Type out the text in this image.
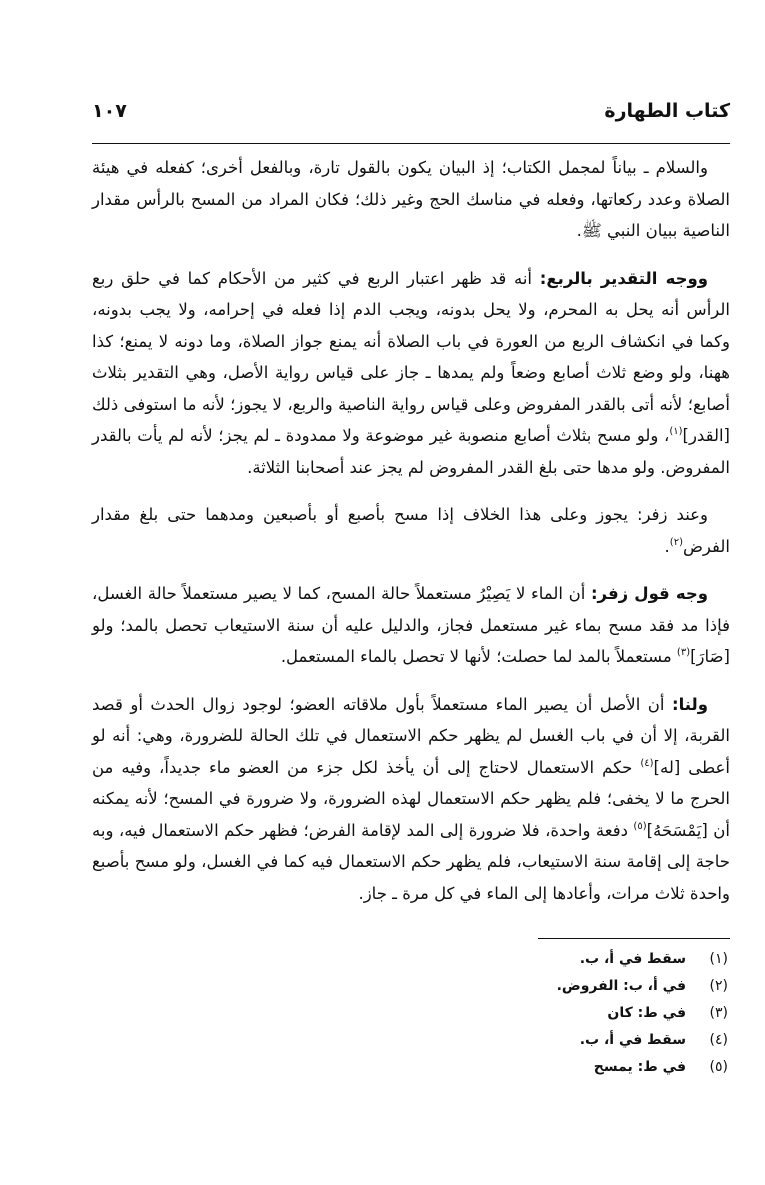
كتاب الطهارة
١٠٧

والسلام ـ بياناً لمجمل الكتاب؛ إذ البيان يكون بالقول تارة، وبالفعل أخرى؛ كفعله في هيئة الصلاة وعدد ركعاتها، وفعله في مناسك الحج وغير ذلك؛ فكان المراد من المسح بالرأس مقدار الناصية ببيان النبي ﷺ.

ووجه التقدير بالربع: أنه قد ظهر اعتبار الربع في كثير من الأحكام كما في حلق ربع الرأس أنه يحل به المحرم، ولا يحل بدونه، ويجب الدم إذا فعله في إحرامه، ولا يجب بدونه، وكما في انكشاف الربع من العورة في باب الصلاة أنه يمنع جواز الصلاة، وما دونه لا يمنع؛ كذا ههنا، ولو وضع ثلاث أصابع وضعاً ولم يمدها ـ جاز على قياس رواية الأصل، وهي التقدير بثلاث أصابع؛ لأنه أتى بالقدر المفروض وعلى قياس رواية الناصية والربع، لا يجوز؛ لأنه ما استوفى ذلك [القدر]$^{(١)}$، ولو مسح بثلاث أصابع منصوبة غير موضوعة ولا ممدودة ـ لم يجز؛ لأنه لم يأت بالقدر المفروض. ولو مدها حتى بلغ القدر المفروض لم يجز عند أصحابنا الثلاثة.

وعند زفر: يجوز وعلى هذا الخلاف إذا مسح بأصبع أو بأصبعين ومدهما حتى بلغ مقدار الفرض$^{(٢)}$.

وجه قول زفر: أن الماء لا يَصِيْرُ مستعملاً حالة المسح، كما لا يصير مستعملاً حالة الغسل، فإذا مد فقد مسح بماء غير مستعمل فجاز، والدليل عليه أن سنة الاستيعاب تحصل بالمد؛ ولو [صَارَ]$^{(٣)}$ مستعملاً بالمد لما حصلت؛ لأنها لا تحصل بالماء المستعمل.

ولنا: أن الأصل أن يصير الماء مستعملاً بأول ملاقاته العضو؛ لوجود زوال الحدث أو قصد القربة، إلا أن في باب الغسل لم يظهر حكم الاستعمال في تلك الحالة للضرورة، وهي: أنه لو أعطى [له]$^{(٤)}$ حكم الاستعمال لاحتاج إلى أن يأخذ لكل جزء من العضو ماء جديداً، وفيه من الحرج ما لا يخفى؛ فلم يظهر حكم الاستعمال لهذه الضرورة، ولا ضرورة في المسح؛ لأنه يمكنه أن [يَمْسَحَهُ]$^{(٥)}$ دفعة واحدة، فلا ضرورة إلى المد لإقامة الفرض؛ فظهر حكم الاستعمال فيه، وبه حاجة إلى إقامة سنة الاستيعاب، فلم يظهر حكم الاستعمال فيه كما في الغسل، ولو مسح بأصبع واحدة ثلاث مرات، وأعادها إلى الماء في كل مرة ـ جاز.

(١)
سقط في أ، ب.
(٢)
في أ، ب: الفروض.
(٣)
في ط: كان
(٤)
سقط في أ، ب.
(٥)
في ط: يمسح
